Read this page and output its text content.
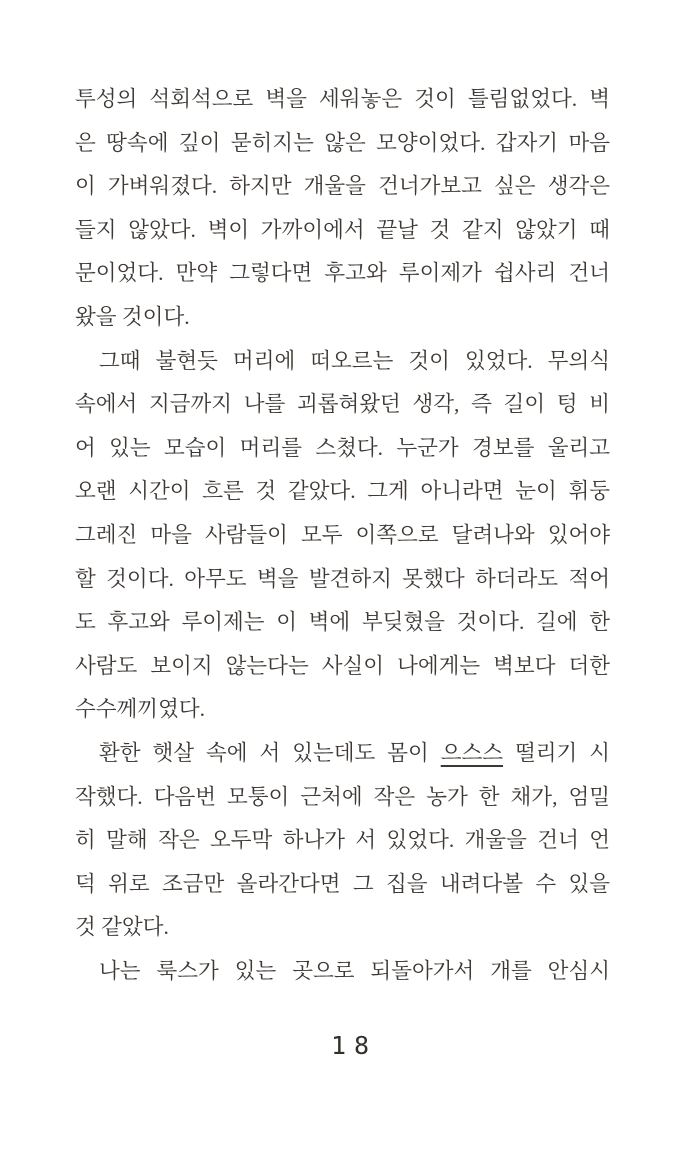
투성의 석회석으로 벽을 세워놓은 것이 틀림없었다. 벽
은 땅속에 깊이 묻히지는 않은 모양이었다. 갑자기 마음
이 가벼워졌다. 하지만 개울을 건너가보고 싶은 생각은
들지 않았다. 벽이 가까이에서 끝날 것 같지 않았기 때
문이었다. 만약 그렇다면 후고와 루이제가 쉽사리 건너
왔을 것이다.
그때 불현듯 머리에 떠오르는 것이 있었다. 무의식
속에서 지금까지 나를 괴롭혀왔던 생각, 즉 길이 텅 비
어 있는 모습이 머리를 스쳤다. 누군가 경보를 울리고
오랜 시간이 흐른 것 같았다. 그게 아니라면 눈이 휘둥
그레진 마을 사람들이 모두 이쪽으로 달려나와 있어야
할 것이다. 아무도 벽을 발견하지 못했다 하더라도 적어
도 후고와 루이제는 이 벽에 부딪혔을 것이다. 길에 한
사람도 보이지 않는다는 사실이 나에게는 벽보다 더한
수수께끼였다.
환한 햇살 속에 서 있는데도 몸이 으스스 떨리기 시
작했다. 다음번 모퉁이 근처에 작은 농가 한 채가, 엄밀
히 말해 작은 오두막 하나가 서 있었다. 개울을 건너 언
덕 위로 조금만 올라간다면 그 집을 내려다볼 수 있을
것 같았다.
나는 룩스가 있는 곳으로 되돌아가서 개를 안심시
18
